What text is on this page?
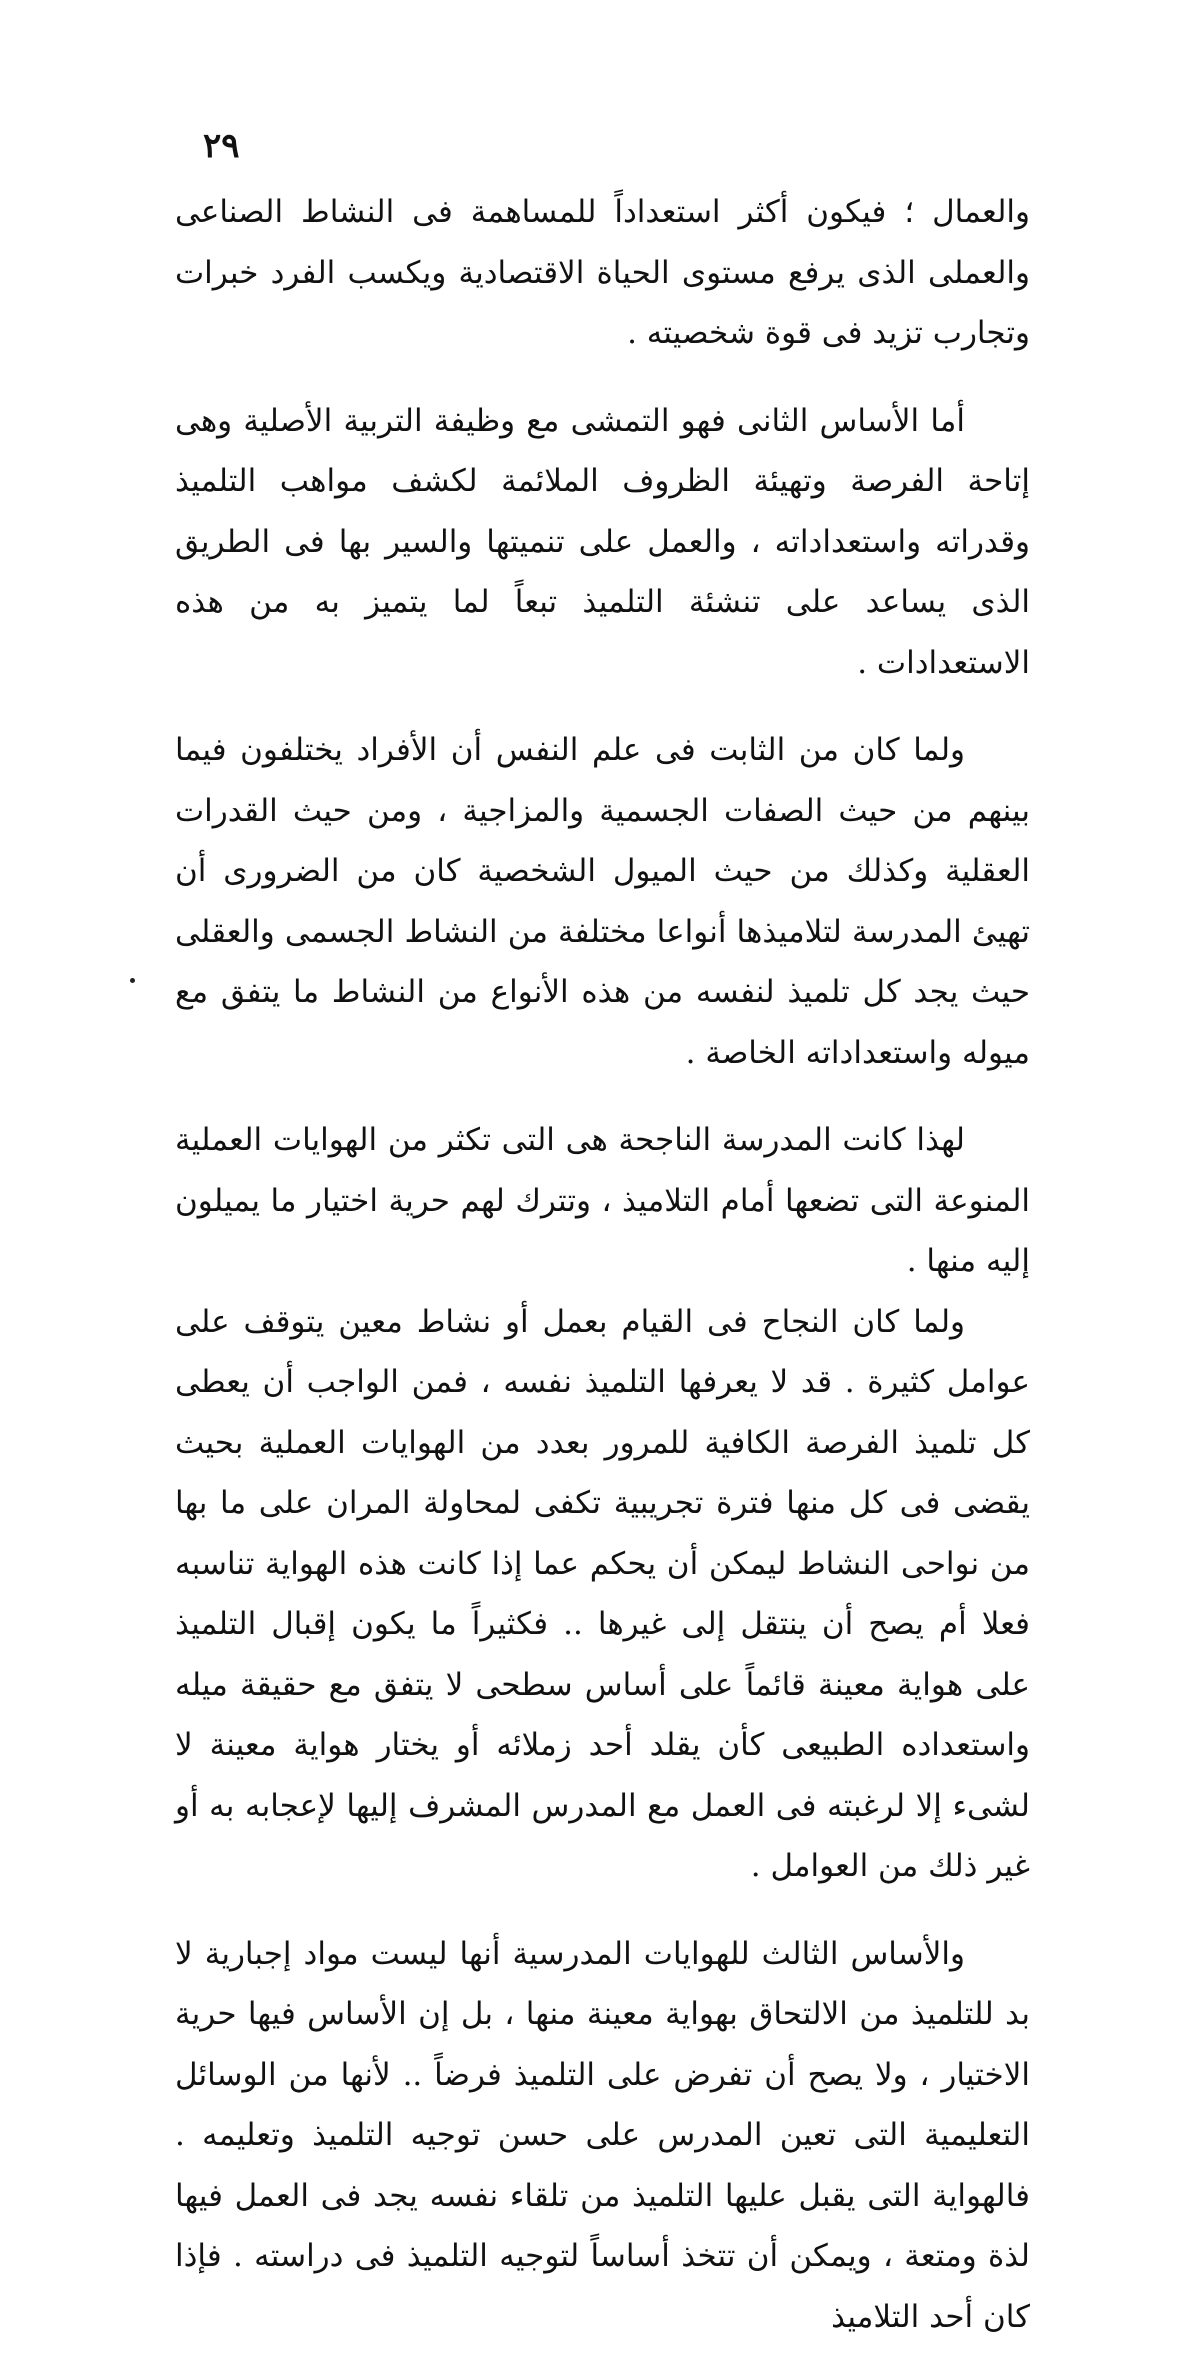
٢٩

والعمال ؛ فيكون أكثر استعداداً للمساهمة فى النشاط الصناعى والعملى الذى يرفع مستوى الحياة الاقتصادية ويكسب الفرد خبرات وتجارب تزيد فى قوة شخصيته .

أما الأساس الثانى فهو التمشى مع وظيفة التربية الأصلية وهى إتاحة الفرصة وتهيئة الظروف الملائمة لكشف مواهب التلميذ وقدراته واستعداداته ، والعمل على تنميتها والسير بها فى الطريق الذى يساعد على تنشئة التلميذ تبعاً لما يتميز به من هذه الاستعدادات .

ولما كان من الثابت فى علم النفس أن الأفراد يختلفون فيما بينهم من حيث الصفات الجسمية والمزاجية ، ومن حيث القدرات العقلية وكذلك من حيث الميول الشخصية كان من الضرورى أن تهيئ المدرسة لتلاميذها أنواعا مختلفة من النشاط الجسمى والعقلى حيث يجد كل تلميذ لنفسه من هذه الأنواع من النشاط ما يتفق مع ميوله واستعداداته الخاصة .

لهذا كانت المدرسة الناجحة هى التى تكثر من الهوايات العملية المنوعة التى تضعها أمام التلاميذ ، وتترك لهم حرية اختيار ما يميلون إليه منها .

ولما كان النجاح فى القيام بعمل أو نشاط معين يتوقف على عوامل كثيرة . قد لا يعرفها التلميذ نفسه ، فمن الواجب أن يعطى كل تلميذ الفرصة الكافية للمرور بعدد من الهوايات العملية بحيث يقضى فى كل منها فترة تجريبية تكفى لمحاولة المران على ما بها من نواحى النشاط ليمكن أن يحكم عما إذا كانت هذه الهواية تناسبه فعلا أم يصح أن ينتقل إلى غيرها .. فكثيراً ما يكون إقبال التلميذ على هواية معينة قائماً على أساس سطحى لا يتفق مع حقيقة ميله واستعداده الطبيعى كأن يقلد أحد زملائه أو يختار هواية معينة لا لشىء إلا لرغبته فى العمل مع المدرس المشرف إليها لإعجابه به أو غير ذلك من العوامل .

والأساس الثالث للهوايات المدرسية أنها ليست مواد إجبارية لا بد للتلميذ من الالتحاق بهواية معينة منها ، بل إن الأساس فيها حرية الاختيار ، ولا يصح أن تفرض على التلميذ فرضاً .. لأنها من الوسائل التعليمية التى تعين المدرس على حسن توجيه التلميذ وتعليمه . فالهواية التى يقبل عليها التلميذ من تلقاء نفسه يجد فى العمل فيها لذة ومتعة ، ويمكن أن تتخذ أساساً لتوجيه التلميذ فى دراسته . فإذا كان أحد التلاميذ
